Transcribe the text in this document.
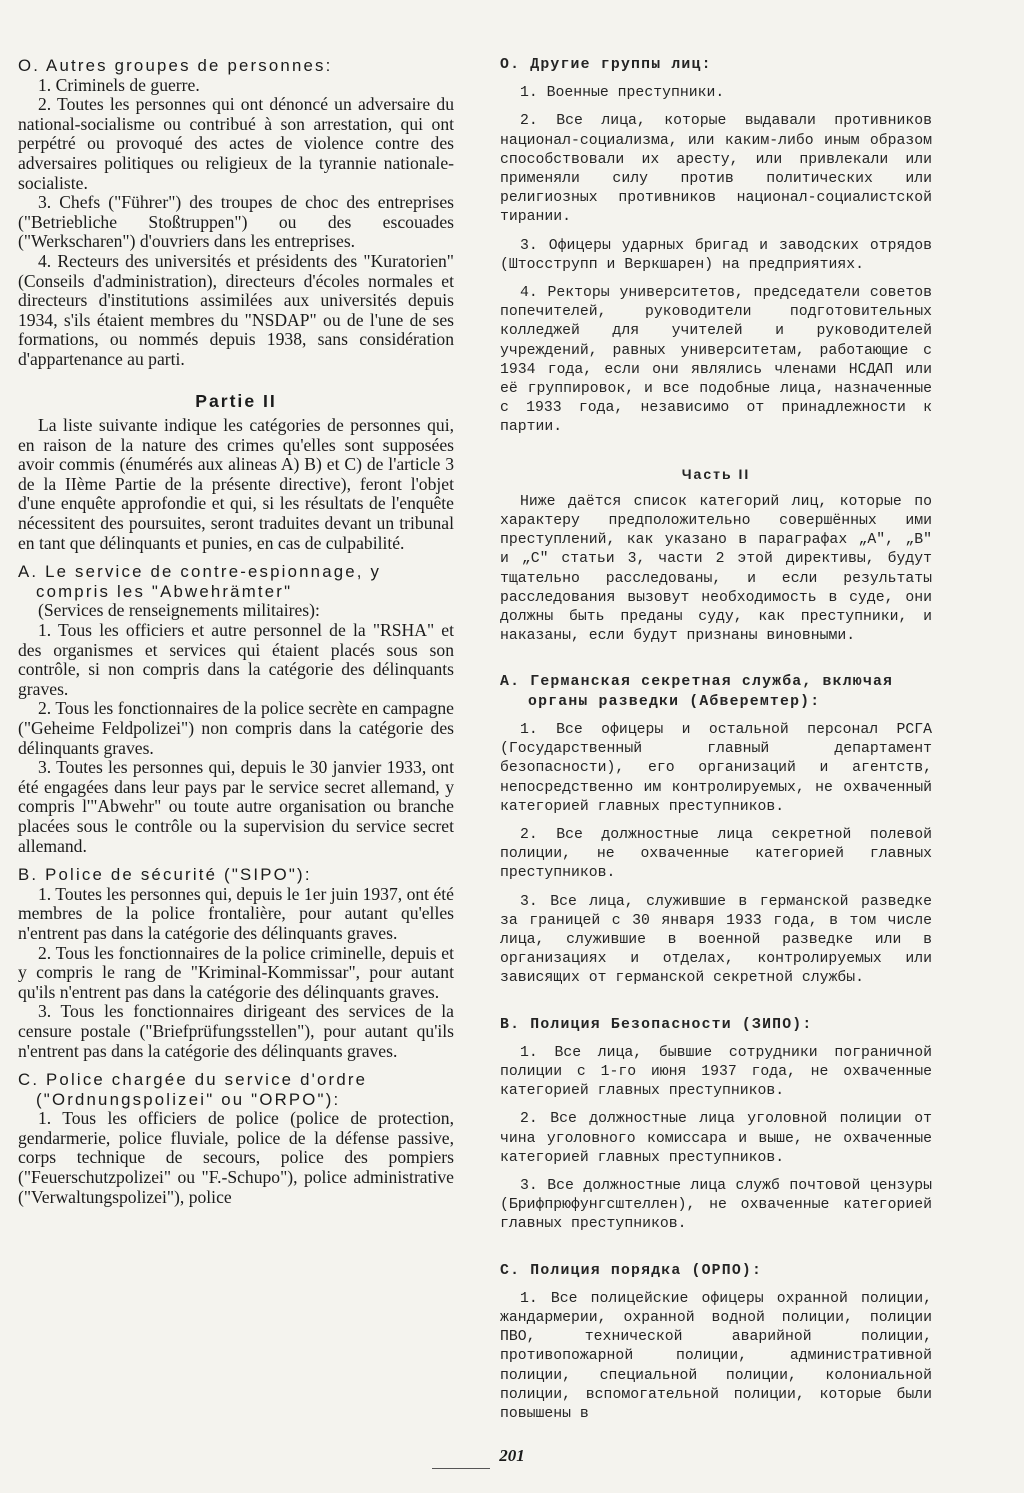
O. Autres groupes de personnes:

1. Criminels de guerre.

2. Toutes les personnes qui ont dénoncé un adversaire du national-socialisme ou contribué à son arrestation, qui ont perpétré ou provoqué des actes de violence contre des adversaires politiques ou religieux de la tyrannie nationale-socialiste.

3. Chefs ("Führer") des troupes de choc des entreprises ("Betriebliche Stoßtruppen") ou des escouades ("Werkscharen") d'ouvriers dans les entreprises.

4. Recteurs des universités et présidents des "Kuratorien" (Conseils d'administration), directeurs d'écoles normales et directeurs d'institutions assimilées aux universités depuis 1934, s'ils étaient membres du "NSDAP" ou de l'une de ses formations, ou nommés depuis 1938, sans considération d'appartenance au parti.

Partie II

La liste suivante indique les catégories de personnes qui, en raison de la nature des crimes qu'elles sont supposées avoir commis (énumérés aux alineas A) B) et C) de l'article 3 de la IIème Partie de la présente directive), feront l'objet d'une enquête approfondie et qui, si les résultats de l'enquête nécessitent des poursuites, seront traduites devant un tribunal en tant que délinquants et punies, en cas de culpabilité.

A. Le service de contre-espionnage, y compris les "Abwehrämter"

(Services de renseignements militaires):

1. Tous les officiers et autre personnel de la "RSHA" et des organismes et services qui étaient placés sous son contrôle, si non compris dans la catégorie des délinquants graves.

2. Tous les fonctionnaires de la police secrète en campagne ("Geheime Feldpolizei") non compris dans la catégorie des délinquants graves.

3. Toutes les personnes qui, depuis le 30 janvier 1933, ont été engagées dans leur pays par le service secret allemand, y compris l'"Abwehr" ou toute autre organisation ou branche placées sous le contrôle ou la supervision du service secret allemand.

B. Police de sécurité ("SIPO"):

1. Toutes les personnes qui, depuis le 1er juin 1937, ont été membres de la police frontalière, pour autant qu'elles n'entrent pas dans la catégorie des délinquants graves.

2. Tous les fonctionnaires de la police criminelle, depuis et y compris le rang de "Kriminal-Kommissar", pour autant qu'ils n'entrent pas dans la catégorie des délinquants graves.

3. Tous les fonctionnaires dirigeant des services de la censure postale ("Briefprüfungsstellen"), pour autant qu'ils n'entrent pas dans la catégorie des délinquants graves.

C. Police chargée du service d'ordre ("Ordnungspolizei" ou "ORPO"):

1. Tous les officiers de police (police de protection, gendarmerie, police fluviale, police de la défense passive, corps technique de secours, police des pompiers ("Feuerschutzpolizei" ou "F.-Schupo"), police administrative ("Verwaltungspolizei"), police

О. Другие группы лиц:

1. Военные преступники.

2. Все лица, которые выдавали противников национал-социализма, или каким-либо иным образом способствовали их аресту, или привлекали или применяли силу против политических или религиозных противников национал-социалистской тирании.

3. Офицеры ударных бригад и заводских отрядов (Штосструпп и Веркшарен) на предприятиях.

4. Ректоры университетов, председатели советов попечителей, руководители подготовительных колледжей для учителей и руководителей учреждений, равных университетам, работающие с 1934 года, если они являлись членами НСДАП или её группировок, и все подобные лица, назначенные с 1933 года, независимо от принадлежности к партии.

Часть II

Ниже даётся список категорий лиц, которые по характеру предположительно совершённых ими преступлений, как указано в параграфах „А", „В" и „С" статьи 3, части 2 этой директивы, будут тщательно расследованы, и если результаты расследования вызовут необходимость в суде, они должны быть преданы суду, как преступники, и наказаны, если будут признаны виновными.

А. Германская секретная служба, включая органы разведки (Абверемтер):

1. Все офицеры и остальной персонал РСГА (Государственный главный департамент безопасности), его организаций и агентств, непосредственно им контролируемых, не охваченный категорией главных преступников.

2. Все должностные лица секретной полевой полиции, не охваченные категорией главных преступников.

3. Все лица, служившие в германской разведке за границей с 30 января 1933 года, в том числе лица, служившие в военной разведке или в организациях и отделах, контролируемых или зависящих от германской секретной службы.

В. Полиция Безопасности (ЗИПО):

1. Все лица, бывшие сотрудники пограничной полиции с 1-го июня 1937 года, не охваченные категорией главных преступников.

2. Все должностные лица уголовной полиции от чина уголовного комиссара и выше, не охваченные категорией главных преступников.

3. Все должностные лица служб почтовой цензуры (Брифпрюфунгсштеллен), не охваченные категорией главных преступников.

С. Полиция порядка (ОРПО):

1. Все полицейские офицеры охранной полиции, жандармерии, охранной водной полиции, полиции ПВО, технической аварийной полиции, противопожарной полиции, административной полиции, специальной полиции, колониальной полиции, вспомогательной полиции, которые были повышены в

201
